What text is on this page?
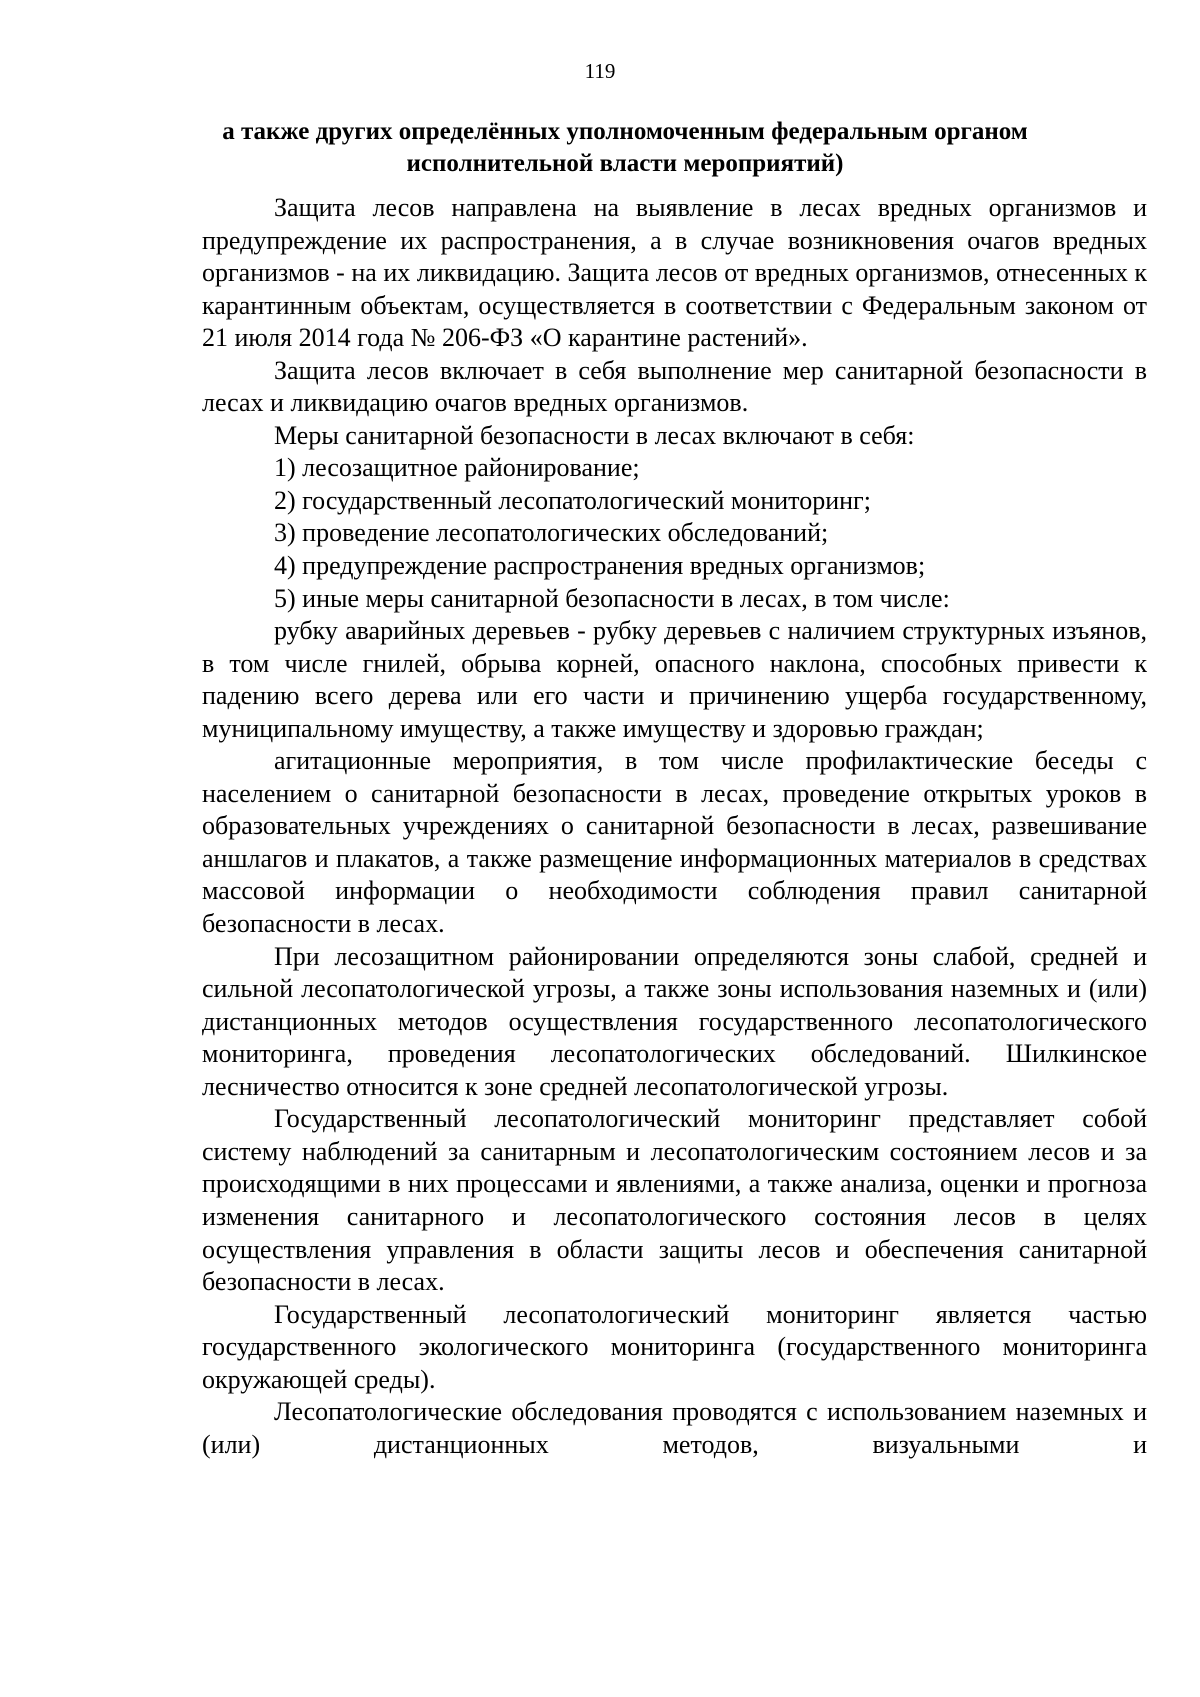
119
а также других определённых уполномоченным федеральным органом
исполнительной власти мероприятий)

Защита лесов направлена на выявление в лесах вредных организмов и предупреждение их распространения, а в случае возникновения очагов вредных организмов - на их ликвидацию. Защита лесов от вредных организмов, отнесенных к карантинным объектам, осуществляется в соответствии с Федеральным законом от 21 июля 2014 года № 206-ФЗ «О карантине растений».

Защита лесов включает в себя выполнение мер санитарной безопасности в лесах и ликвидацию очагов вредных организмов.

Меры санитарной безопасности в лесах включают в себя:

1) лесозащитное районирование;

2) государственный лесопатологический мониторинг;

3) проведение лесопатологических обследований;

4) предупреждение распространения вредных организмов;

5) иные меры санитарной безопасности в лесах, в том числе:

рубку аварийных деревьев - рубку деревьев с наличием структурных изъянов, в том числе гнилей, обрыва корней, опасного наклона, способных привести к падению всего дерева или его части и причинению ущерба государственному, муниципальному имуществу, а также имуществу и здоровью граждан;

агитационные мероприятия, в том числе профилактические беседы с населением о санитарной безопасности в лесах, проведение открытых уроков в образовательных учреждениях о санитарной безопасности в лесах, развешивание аншлагов и плакатов, а также размещение информационных материалов в средствах массовой информации о необходимости соблюдения правил санитарной безопасности в лесах.

При лесозащитном районировании определяются зоны слабой, средней и сильной лесопатологической угрозы, а также зоны использования наземных и (или) дистанционных методов осуществления государственного лесопатологического мониторинга, проведения лесопатологических обследований. Шилкинское лесничество относится к зоне средней лесопатологической угрозы.

Государственный лесопатологический мониторинг представляет собой систему наблюдений за санитарным и лесопатологическим состоянием лесов и за происходящими в них процессами и явлениями, а также анализа, оценки и прогноза изменения санитарного и лесопатологического состояния лесов в целях осуществления управления в области защиты лесов и обеспечения санитарной безопасности в лесах.

Государственный лесопатологический мониторинг является частью государственного экологического мониторинга (государственного мониторинга окружающей среды).

Лесопатологические обследования проводятся с использованием наземных и (или) дистанционных методов, визуальными и
